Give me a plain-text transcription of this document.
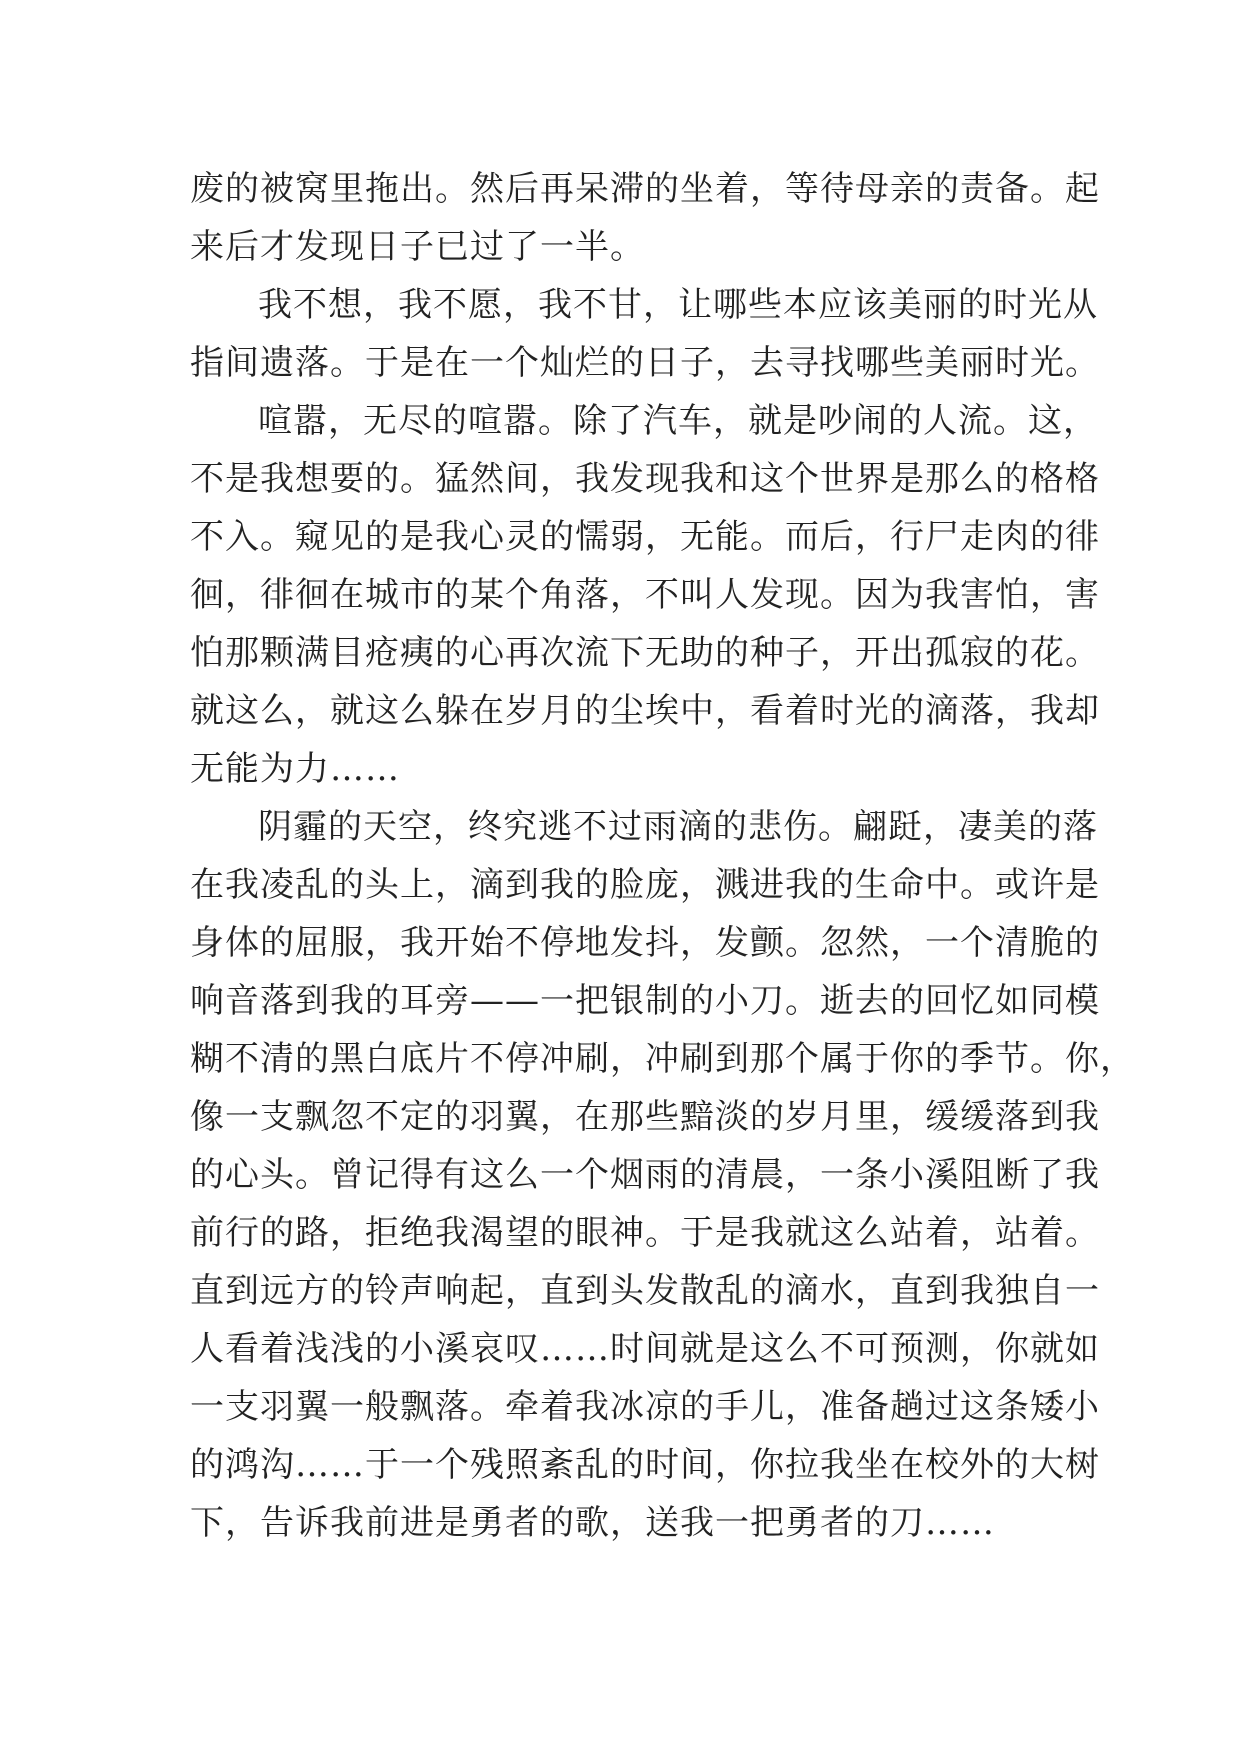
废的被窝里拖出。然后再呆滞的坐着，等待母亲的责备。起
来后才发现日子已过了一半。
我不想，我不愿，我不甘，让哪些本应该美丽的时光从
指间遗落。于是在一个灿烂的日子，去寻找哪些美丽时光。
喧嚣，无尽的喧嚣。除了汽车，就是吵闹的人流。这，
不是我想要的。猛然间，我发现我和这个世界是那么的格格
不入。窥见的是我心灵的懦弱，无能。而后，行尸走肉的徘
徊，徘徊在城市的某个角落，不叫人发现。因为我害怕，害
怕那颗满目疮痍的心再次流下无助的种子，开出孤寂的花。
就这么，就这么躲在岁月的尘埃中，看着时光的滴落，我却
无能为力……
阴霾的天空，终究逃不过雨滴的悲伤。翩跹，凄美的落
在我凌乱的头上，滴到我的脸庞，溅进我的生命中。或许是
身体的屈服，我开始不停地发抖，发颤。忽然，一个清脆的
响音落到我的耳旁——一把银制的小刀。逝去的回忆如同模
糊不清的黑白底片不停冲刷，冲刷到那个属于你的季节。你，
像一支飘忽不定的羽翼，在那些黯淡的岁月里，缓缓落到我
的心头。曾记得有这么一个烟雨的清晨，一条小溪阻断了我
前行的路，拒绝我渴望的眼神。于是我就这么站着，站着。
直到远方的铃声响起，直到头发散乱的滴水，直到我独自一
人看着浅浅的小溪哀叹……时间就是这么不可预测，你就如
一支羽翼一般飘落。牵着我冰凉的手儿，准备趟过这条矮小
的鸿沟……于一个残照紊乱的时间，你拉我坐在校外的大树
下，告诉我前进是勇者的歌，送我一把勇者的刀……
